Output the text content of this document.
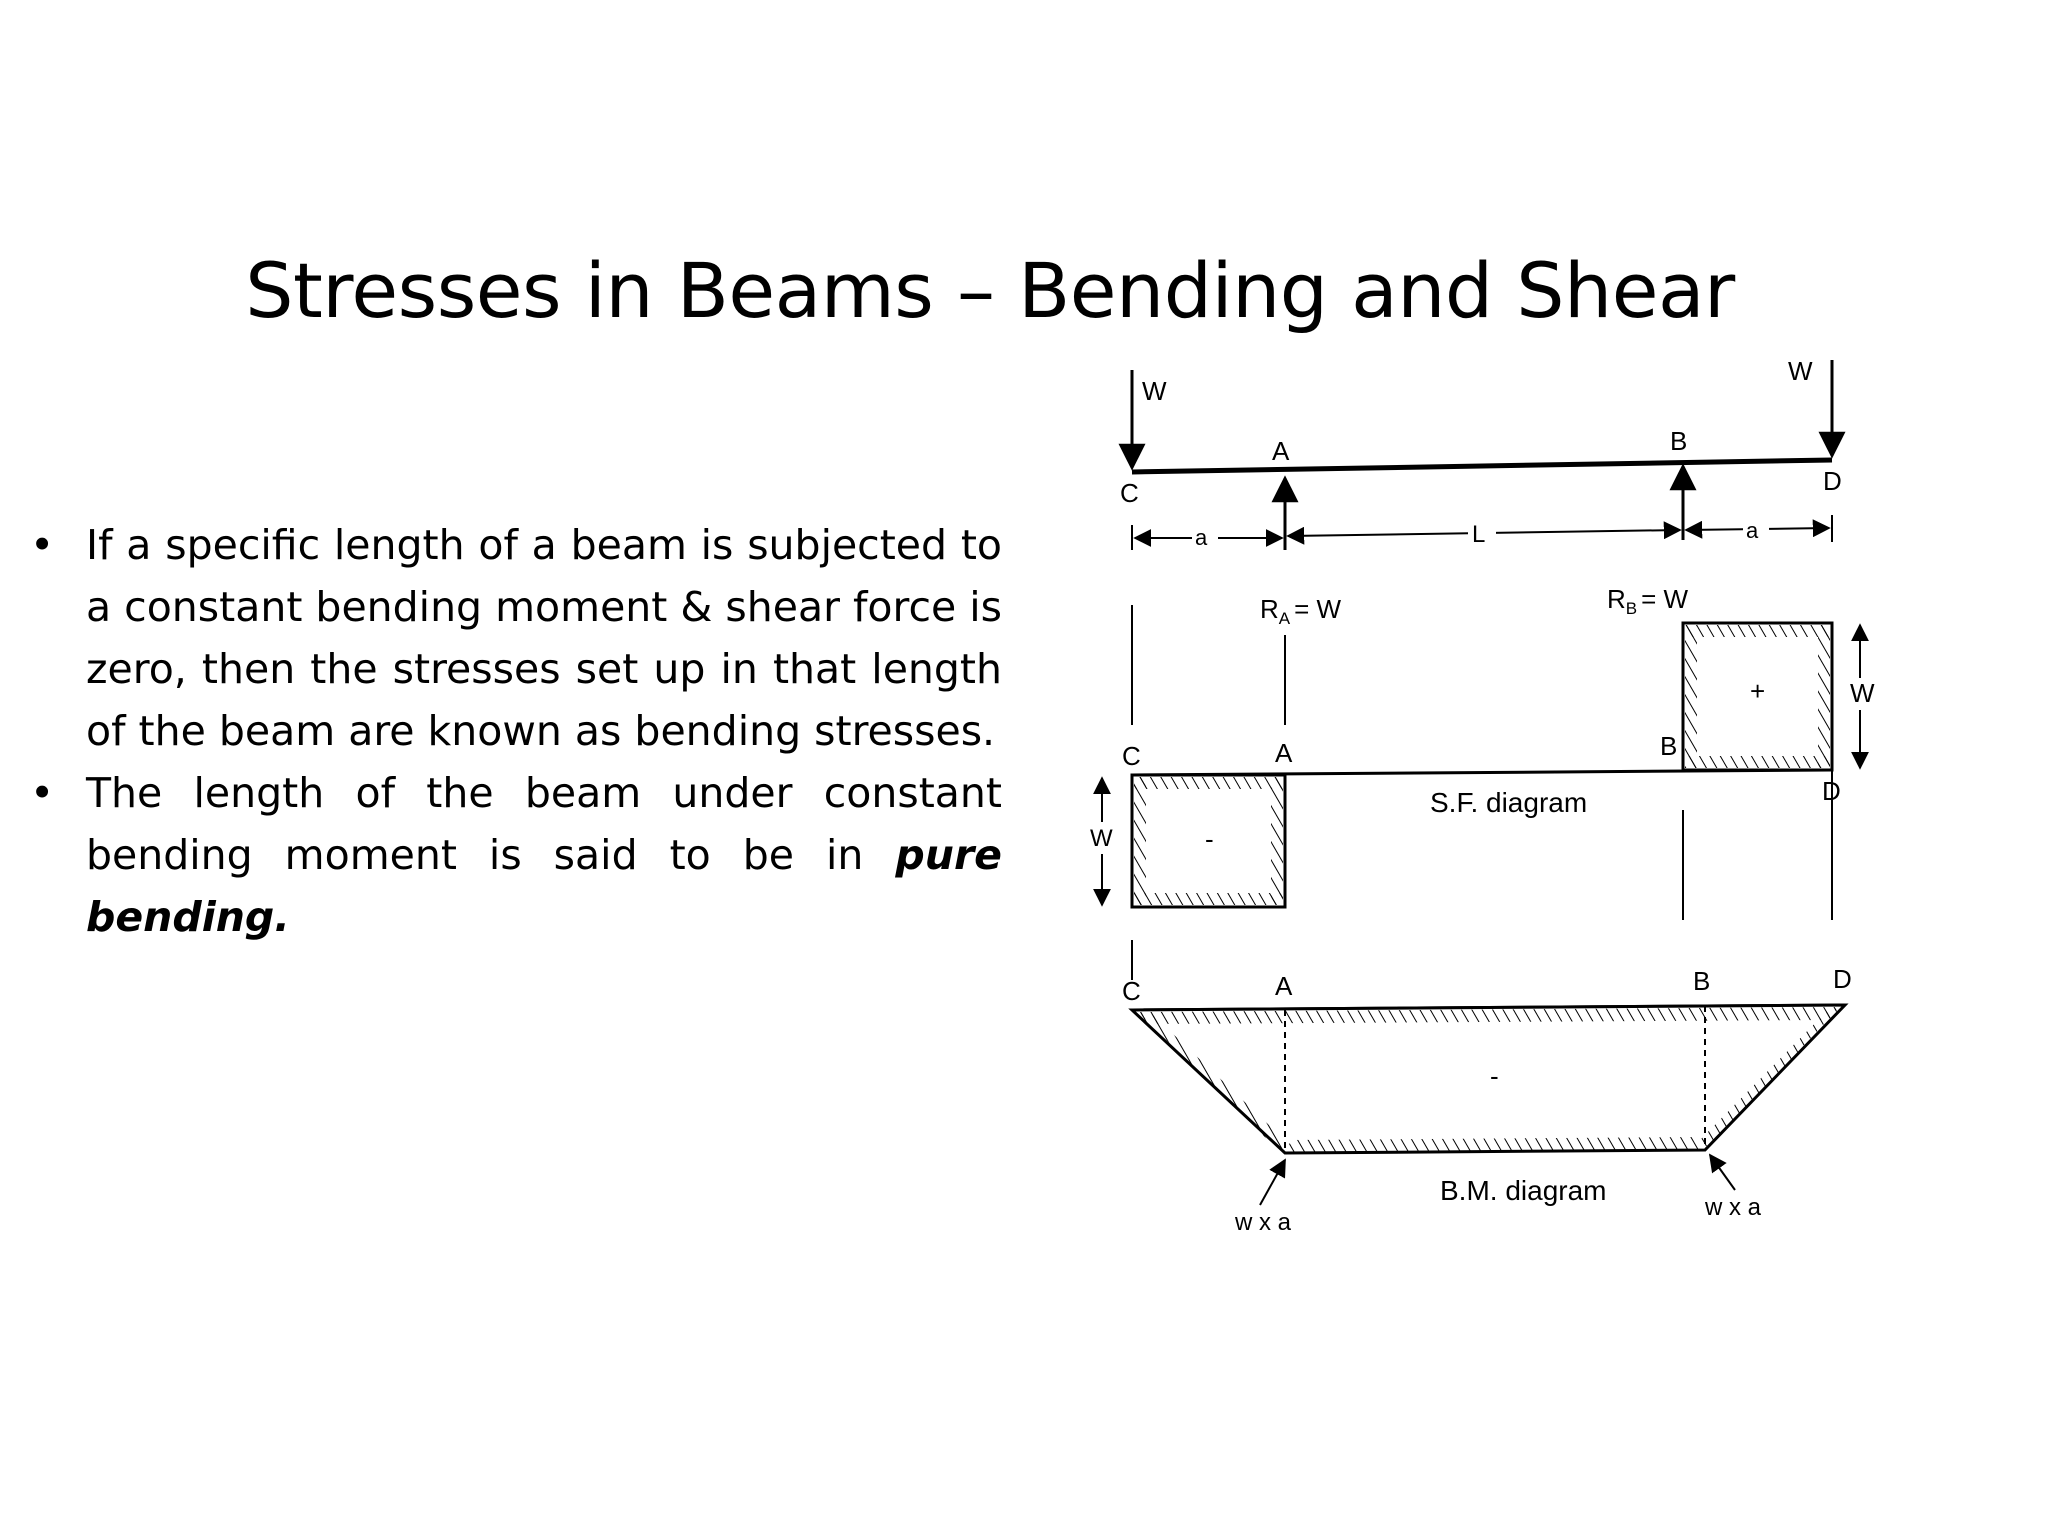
Stresses in Beams – Bending and Shear
• If a specific length of a beam is subjected to a constant bending moment & shear force is zero, then the stresses set up in that length of the beam are known as bending stresses.
• The length of the beam under constant bending moment is said to be in pure bending.
W
W
A	B
C	D
a	L	a
$R_A = W$	$R_B = W$
+
-
C	A	B
D
W
W
S.F. diagram
-
C	A	B	D
w x a
w x a
B.M. diagram
